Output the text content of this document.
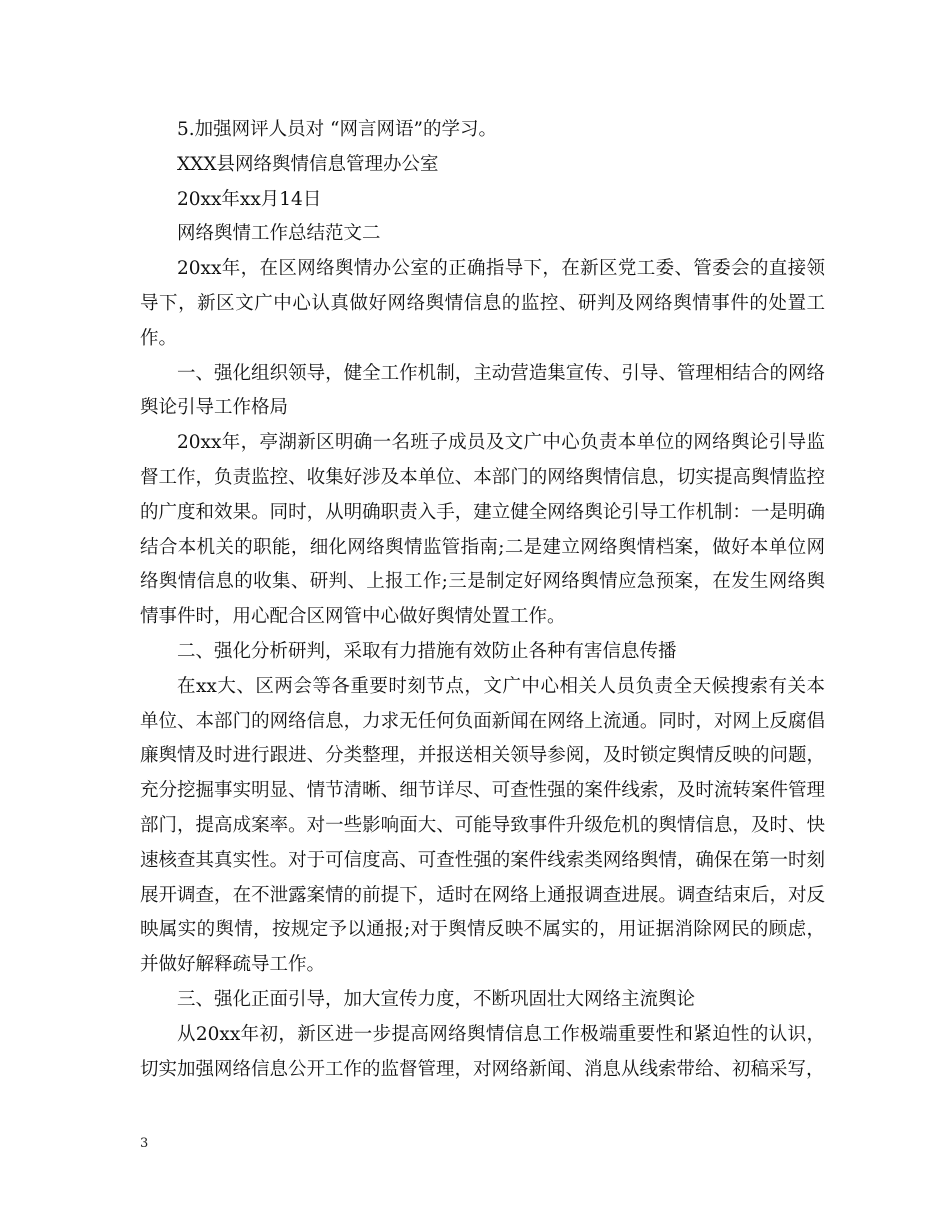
5.加强网评人员对 “网言网语”的学习。

XXX县网络舆情信息管理办公室

20xx年xx月14日

网络舆情工作总结范文二

20xx年，在区网络舆情办公室的正确指导下，在新区党工委、管委会的直接领导下，新区文广中心认真做好网络舆情信息的监控、研判及网络舆情事件的处置工作。

一、强化组织领导，健全工作机制，主动营造集宣传、引导、管理相结合的网络舆论引导工作格局

20xx年，亭湖新区明确一名班子成员及文广中心负责本单位的网络舆论引导监督工作，负责监控、收集好涉及本单位、本部门的网络舆情信息，切实提高舆情监控的广度和效果。同时，从明确职责入手，建立健全网络舆论引导工作机制：一是明确结合本机关的职能，细化网络舆情监管指南;二是建立网络舆情档案，做好本单位网络舆情信息的收集、研判、上报工作;三是制定好网络舆情应急预案，在发生网络舆情事件时，用心配合区网管中心做好舆情处置工作。

二、强化分析研判，采取有力措施有效防止各种有害信息传播

在xx大、区两会等各重要时刻节点，文广中心相关人员负责全天候搜索有关本单位、本部门的网络信息，力求无任何负面新闻在网络上流通。同时，对网上反腐倡廉舆情及时进行跟进、分类整理，并报送相关领导参阅，及时锁定舆情反映的问题，充分挖掘事实明显、情节清晰、细节详尽、可查性强的案件线索，及时流转案件管理部门，提高成案率。对一些影响面大、可能导致事件升级危机的舆情信息，及时、快速核查其真实性。对于可信度高、可查性强的案件线索类网络舆情，确保在第一时刻展开调查，在不泄露案情的前提下，适时在网络上通报调查进展。调查结束后，对反映属实的舆情，按规定予以通报;对于舆情反映不属实的，用证据消除网民的顾虑，并做好解释疏导工作。

三、强化正面引导，加大宣传力度，不断巩固壮大网络主流舆论

从20xx年初，新区进一步提高网络舆情信息工作极端重要性和紧迫性的认识，切实加强网络信息公开工作的监督管理，对网络新闻、消息从线索带给、初稿采写，

3
